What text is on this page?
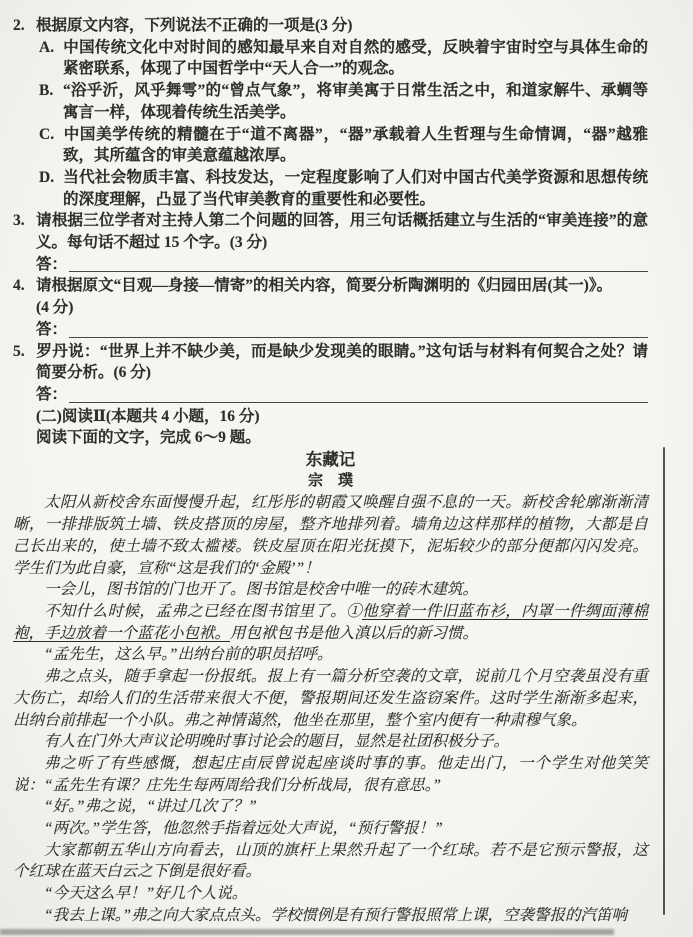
2. 根据原文内容，下列说法不正确的一项是(3 分)
A. 中国传统文化中对时间的感知最早来自对自然的感受，反映着宇宙时空与具体生命的紧密联系，体现了中国哲学中“天人合一”的观念。
B. “浴乎沂，风乎舞雩”的“曾点气象”，将审美寓于日常生活之中，和道家解牛、承蜩等寓言一样，体现着传统生活美学。
C. 中国美学传统的精髓在于“道不离器”，“器”承载着人生哲理与生命情调，“器”越雅致，其所蕴含的审美意蕴越浓厚。
D. 当代社会物质丰富、科技发达，一定程度影响了人们对中国古代美学资源和思想传统的深度理解，凸显了当代审美教育的重要性和必要性。
3. 请根据三位学者对主持人第二个问题的回答，用三句话概括建立与生活的“审美连接”的意义。每句话不超过 15 个字。(3 分)
答：
4. 请根据原文“目观—身接—情寄”的相关内容，简要分析陶渊明的《归园田居(其一)》。
(4 分)
答：
5. 罗丹说：“世界上并不缺少美，而是缺少发现美的眼睛。”这句话与材料有何契合之处？请简要分析。(6 分)
答：
(二)阅读Ⅱ(本题共 4 小题，16 分)
阅读下面的文字，完成 6～9 题。
东藏记
宗　璞

太阳从新校舍东面慢慢升起，红彤彤的朝霞又唤醒自强不息的一天。新校舍轮廓渐渐清晰，一排排版筑土墙、铁皮搭顶的房屋，整齐地排列着。墙角边这样那样的植物，大都是自己长出来的，使土墙不致太褴褛。铁皮屋顶在阳光抚摸下，泥垢较少的部分便都闪闪发亮。学生们为此自豪，宣称“这是我们的‘金殿’”！

一会儿，图书馆的门也开了。图书馆是校舍中唯一的砖木建筑。

不知什么时候，孟弗之已经在图书馆里了。①他穿着一件旧蓝布衫，内罩一件绸面薄棉袍，手边放着一个蓝花小包袱。用包袱包书是他入滇以后的新习惯。

“孟先生，这么早。”出纳台前的职员招呼。

弗之点头，随手拿起一份报纸。报上有一篇分析空袭的文章，说前几个月空袭虽没有重大伤亡，却给人们的生活带来很大不便，警报期间还发生盗窃案件。这时学生渐渐多起来，出纳台前排起一个小队。弗之神情蔼然，他坐在那里，整个室内便有一种肃穆气象。

有人在门外大声议论明晚时事讨论会的题目，显然是社团积极分子。

弗之听了有些感慨，想起庄卣辰曾说起座谈时事的事。他走出门，一个学生对他笑笑说：“孟先生有课？庄先生每两周给我们分析战局，很有意思。”

“好。”弗之说，“讲过几次了？”

“两次。”学生答，他忽然手指着远处大声说，“预行警报！”

大家都朝五华山方向看去，山顶的旗杆上果然升起了一个红球。若不是它预示警报，这个红球在蓝天白云之下倒是很好看。

“今天这么早！”好几个人说。

“我去上课。”弗之向大家点点头。学校惯例是有预行警报照常上课，空袭警报的汽笛响
